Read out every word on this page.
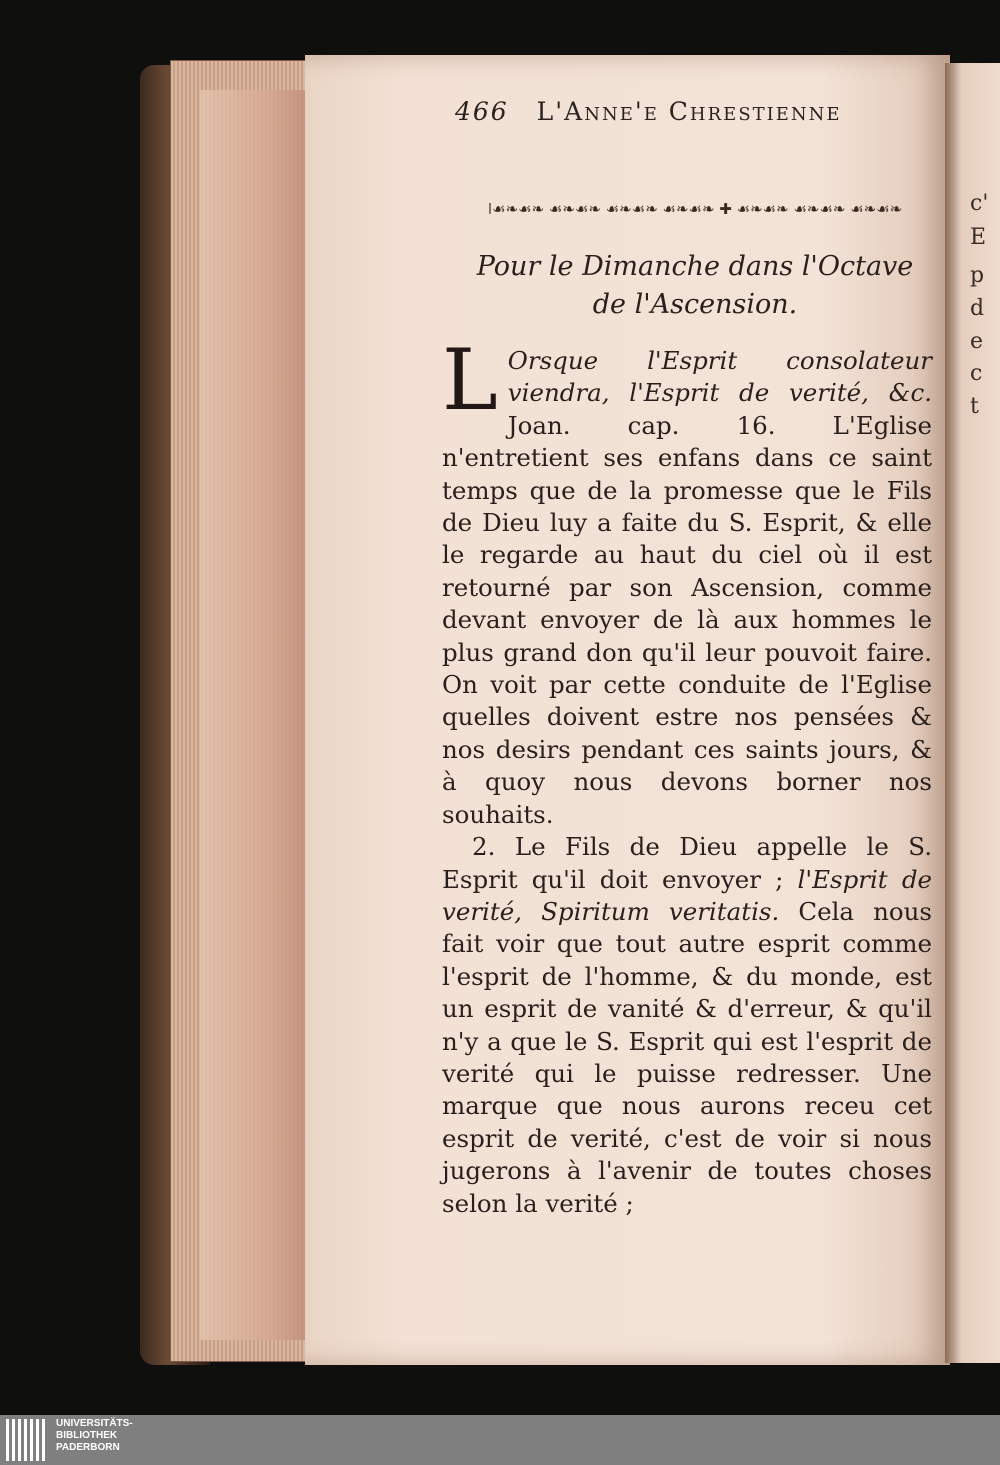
c'
E
p
d
e
c
t
466 L'Anne'e Chrestienne
ǀ☙❧☙❧ ☙❧☙❧ ☙❧☙❧ ☙❧☙❧ ✚ ☙❧☙❧ ☙❧☙❧ ☙❧☙❧
Pour le Dimanche dans l'Octave
de l'Ascension.
L Orsque l'Esprit consolateur viendra, l'Esprit de verité, &c. Joan. cap. 16. L'Eglise n'entretient ses enfans dans ce saint temps que de la promesse que le Fils de Dieu luy a faite du S. Esprit, & elle le regarde au haut du ciel où il est retourné par son Ascension, comme devant envoyer de là aux hommes le plus grand don qu'il leur pouvoit faire. On voit par cette conduite de l'Eglise quelles doivent estre nos pensées & nos desirs pendant ces saints jours, & à quoy nous devons borner nos souhaits.
2. Le Fils de Dieu appelle le S. Esprit qu'il doit envoyer ; l'Esprit de verité, Spiritum veritatis. Cela nous fait voir que tout autre esprit comme l'esprit de l'homme, & du monde, est un esprit de vanité & d'erreur, & qu'il n'y a que le S. Esprit qui est l'esprit de verité qui le puisse redresser. Une marque que nous aurons receu cet esprit de verité, c'est de voir si nous jugerons à l'avenir de toutes choses selon la verité ;
UNIVERSITÄTS-
BIBLIOTHEK
PADERBORN
